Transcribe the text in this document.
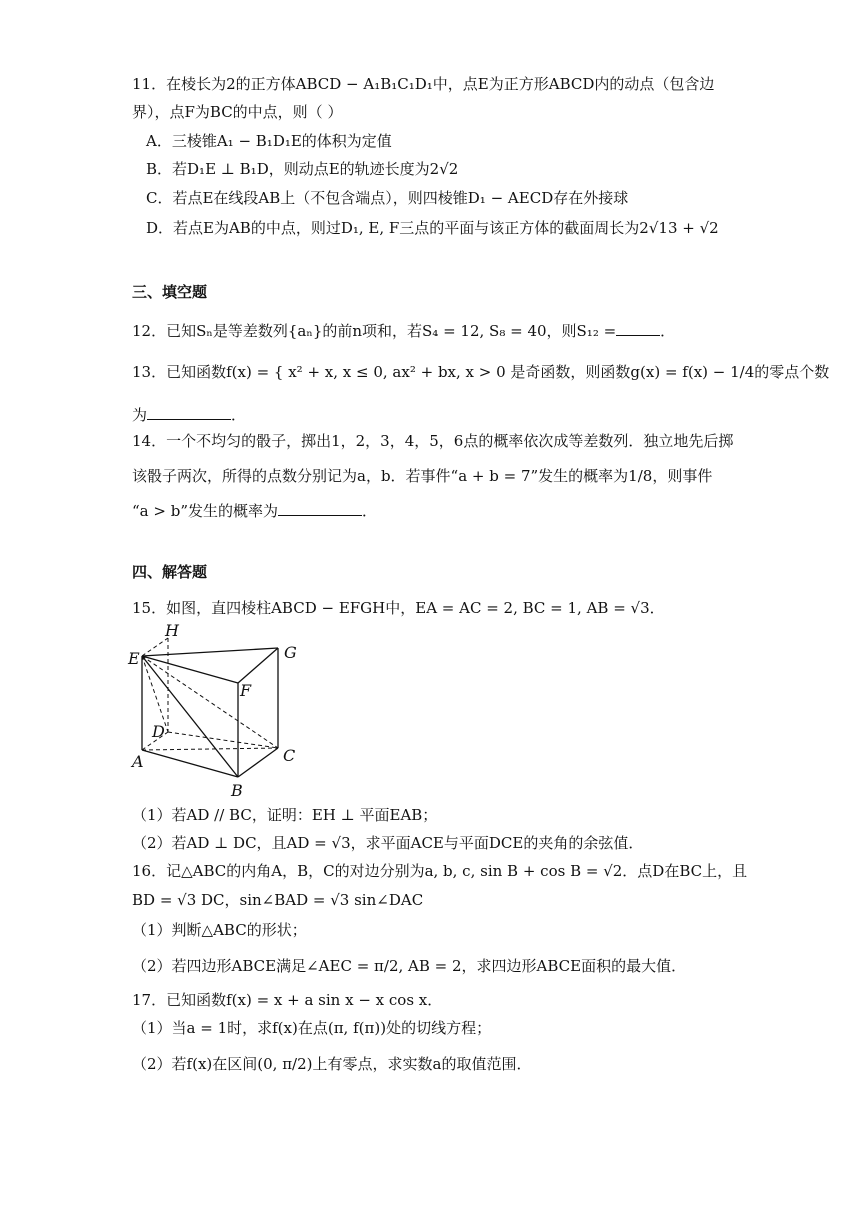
11．在棱长为2的正方体ABCD − A₁B₁C₁D₁中，点E为正方形ABCD内的动点（包含边
界），点F为BC的中点，则（ ）
A．三棱锥A₁ − B₁D₁E的体积为定值
B．若D₁E ⊥ B₁D，则动点E的轨迹长度为2√2
C．若点E在线段AB上（不包含端点），则四棱锥D₁ − AECD存在外接球
D．若点E为AB的中点，则过D₁, E, F三点的平面与该正方体的截面周长为2√13 + √2
三、填空题
12．已知Sₙ是等差数列{aₙ}的前n项和，若S₄ = 12, S₈ = 40，则S₁₂ =	．
13．已知函数f(x) = { x² + x, x ≤ 0, ax² + bx, x > 0 是奇函数，则函数g(x) = f(x) − 1/4的零点个数
为	．
14．一个不均匀的骰子，掷出1，2，3，4，5，6点的概率依次成等差数列．独立地先后掷
该骰子两次，所得的点数分别记为a，b．若事件“a + b = 7”发生的概率为1/8，则事件
“a > b”发生的概率为	．
四、解答题
15．如图，直四棱柱ABCD − EFGH中，EA = AC = 2, BC = 1, AB = √3．
H
G
E
F
D
A	C
B
（1）若AD // BC，证明：EH ⊥ 平面EAB；
（2）若AD ⊥ DC，且AD = √3，求平面ACE与平面DCE的夹角的余弦值．
16．记△ABC的内角A，B，C的对边分别为a, b, c, sin B + cos B = √2．点D在BC上，且
BD = √3 DC，sin∠BAD = √3 sin∠DAC
（1）判断△ABC的形状；
（2）若四边形ABCE满足∠AEC = π/2, AB = 2，求四边形ABCE面积的最大值．
17．已知函数f(x) = x + a sin x − x cos x．
（1）当a = 1时，求f(x)在点(π, f(π))处的切线方程；
（2）若f(x)在区间(0, π/2)上有零点，求实数a的取值范围．
